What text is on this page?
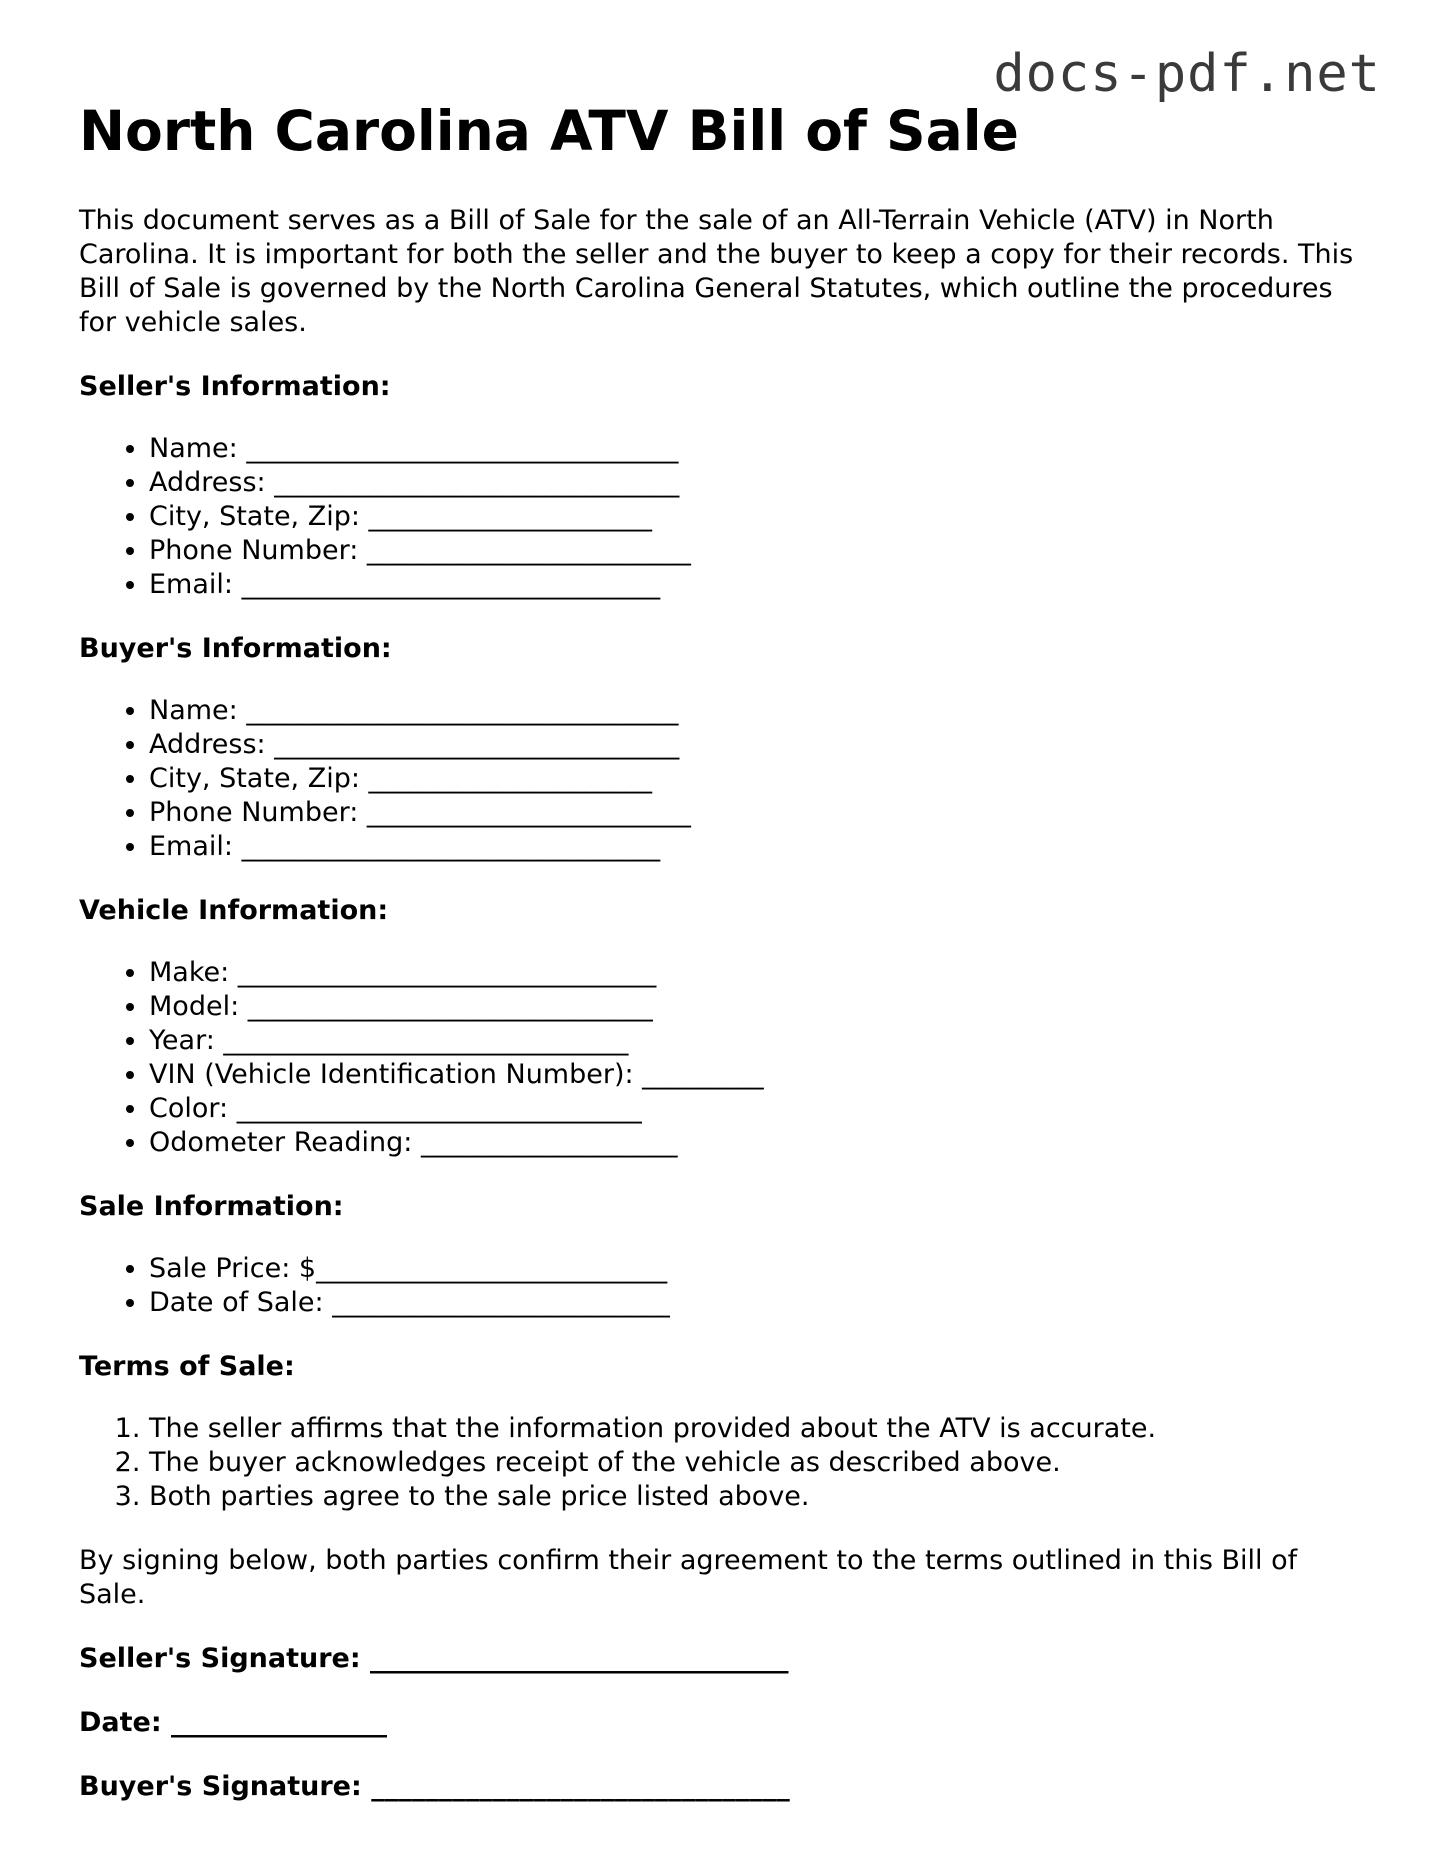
docs-pdf.net
North Carolina ATV Bill of Sale

This document serves as a Bill of Sale for the sale of an All-Terrain Vehicle (ATV) in North Carolina. It is important for both the seller and the buyer to keep a copy for their records. This Bill of Sale is governed by the North Carolina General Statutes, which outline the procedures for vehicle sales.

Seller's Information:

• Name: ________________________________
• Address: ______________________________
• City, State, Zip: _____________________
• Phone Number: ________________________
• Email: _______________________________

Buyer's Information:

• Name: ________________________________
• Address: ______________________________
• City, State, Zip: _____________________
• Phone Number: ________________________
• Email: _______________________________

Vehicle Information:

• Make: _______________________________
• Model: ______________________________
• Year: ______________________________
• VIN (Vehicle Identification Number): _________
• Color: ______________________________
• Odometer Reading: ___________________

Sale Information:

• Sale Price: $__________________________
• Date of Sale: _________________________

Terms of Sale:

1. The seller affirms that the information provided about the ATV is accurate.
2. The buyer acknowledges receipt of the vehicle as described above.
3. Both parties agree to the sale price listed above.

By signing below, both parties confirm their agreement to the terms outlined in this Bill of Sale.

Seller's Signature: _______________________________

Date: ________________

Buyer's Signature: _______________________________
